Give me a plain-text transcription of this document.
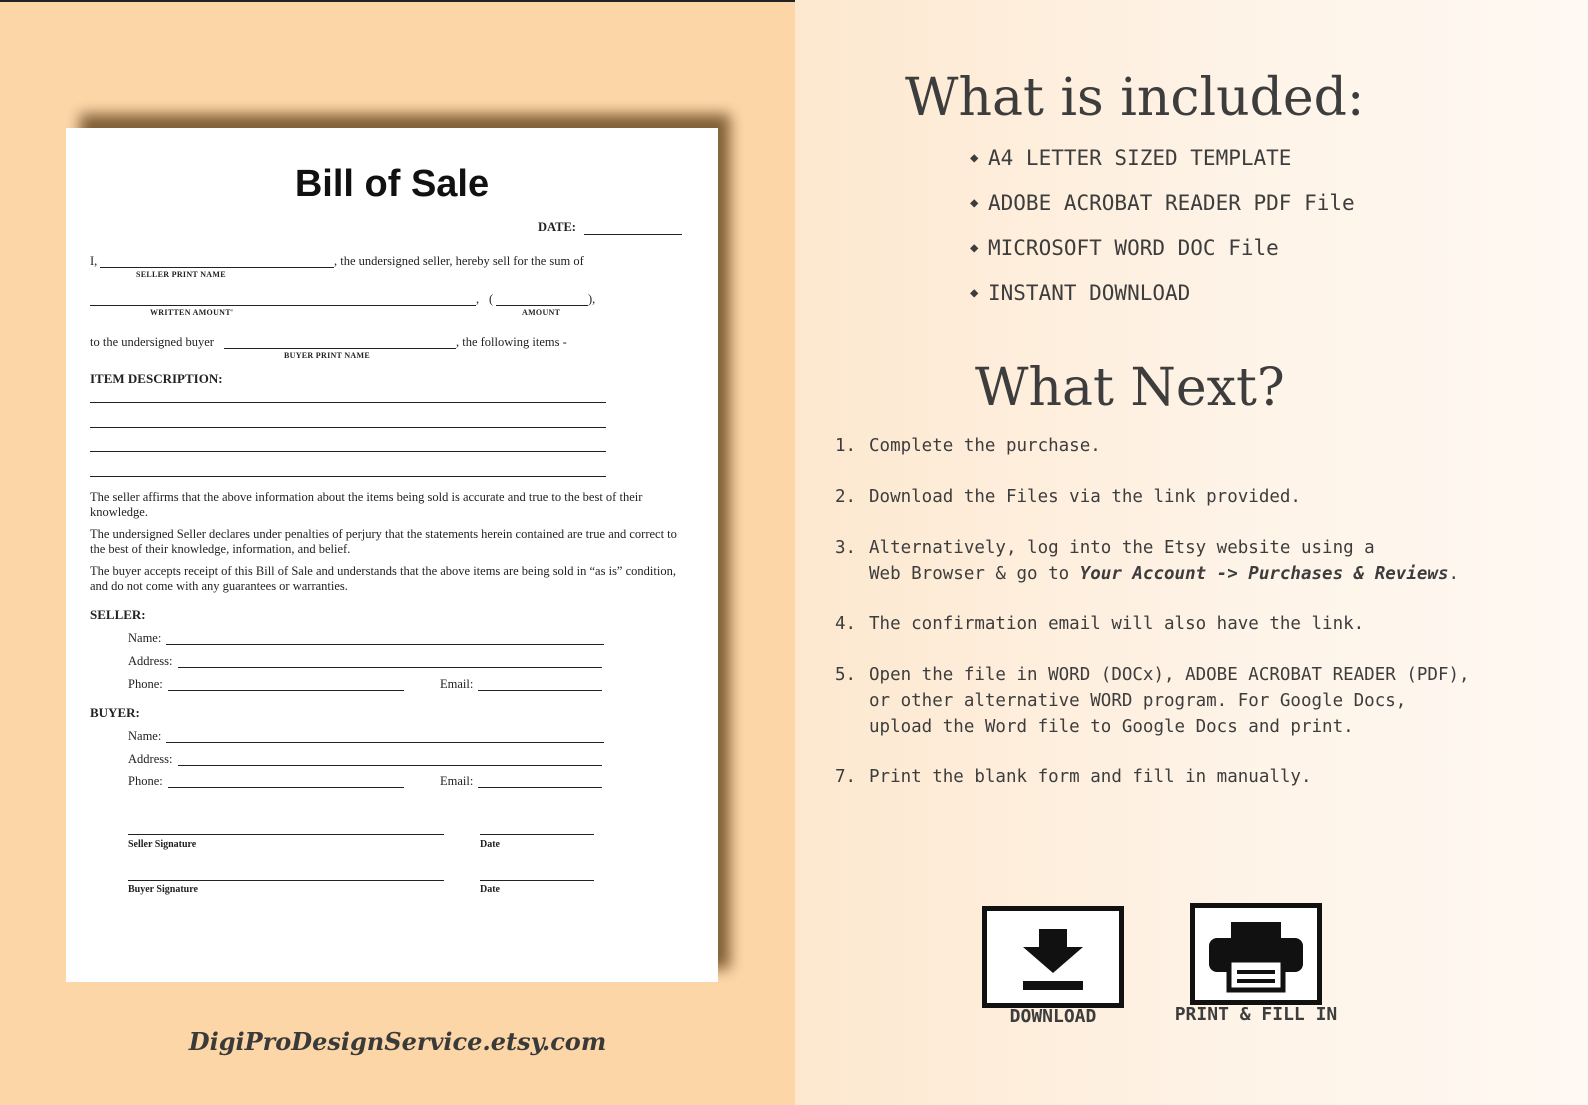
Bill of Sale
DATE:
I,	, the undersigned seller, hereby sell for the sum of
SELLER PRINT NAME
, (	),
WRITTEN AMOUNT'	AMOUNT
to the undersigned buyer	, the following items -
BUYER PRINT NAME
ITEM DESCRIPTION:
The seller affirms that the above information about the items being sold is accurate and true to the best of their knowledge.
The undersigned Seller declares under penalties of perjury that the statements herein contained are true and correct to the best of their knowledge, information, and belief.
The buyer accepts receipt of this Bill of Sale and understands that the above items are being sold in “as is” condition, and do not come with any guarantees or warranties.
SELLER:
Name:
Address:
Phone:	Email:
BUYER:
Name:
Address:
Phone:	Email:
Seller Signature	Date
Buyer Signature	Date
DigiProDesignService.etsy.com
What is included:
◆ A4 LETTER SIZED TEMPLATE
◆ ADOBE ACROBAT READER PDF File
◆ MICROSOFT WORD DOC File
◆ INSTANT DOWNLOAD
What Next?
1. Complete the purchase.
2. Download the Files via the link provided.
3. Alternatively, log into the Etsy website using a
Web Browser & go to Your Account -> Purchases & Reviews.
4. The confirmation email will also have the link.
5. Open the file in WORD (DOCx), ADOBE ACROBAT READER (PDF),
or other alternative WORD program. For Google Docs,
upload the Word file to Google Docs and print.
7. Print the blank form and fill in manually.
DOWNLOAD	PRINT & FILL IN
